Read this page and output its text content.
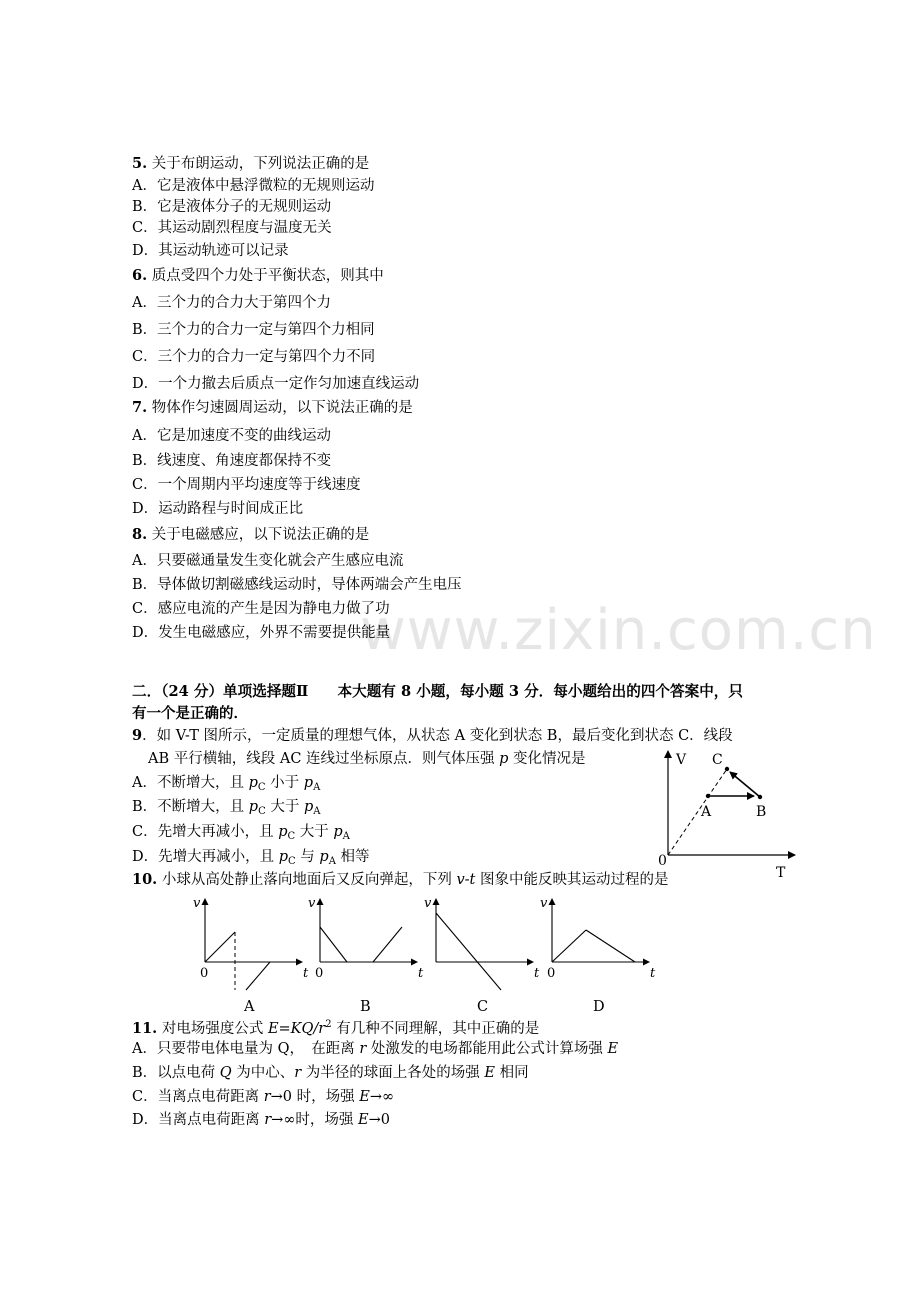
www.zixin.com.cn
5. 关于布朗运动，下列说法正确的是
A．它是液体中悬浮微粒的无规则运动
B．它是液体分子的无规则运动
C．其运动剧烈程度与温度无关
D．其运动轨迹可以记录
6. 质点受四个力处于平衡状态，则其中
A．三个力的合力大于第四个力
B．三个力的合力一定与第四个力相同
C．三个力的合力一定与第四个力不同
D．一个力撤去后质点一定作匀加速直线运动
7. 物体作匀速圆周运动，以下说法正确的是
A．它是加速度不变的曲线运动
B．线速度、角速度都保持不变
C．一个周期内平均速度等于线速度
D．运动路程与时间成正比
8. 关于电磁感应，以下说法正确的是
A．只要磁通量发生变化就会产生感应电流
B．导体做切割磁感线运动时，导体两端会产生电压
C．感应电流的产生是因为静电力做了功
D．发生电磁感应，外界不需要提供能量
二．（24 分）单项选择题Ⅱ　　本大题有 8 小题，每小题 3 分．每小题给出的四个答案中，只
有一个是正确的．
9．如 V-T 图所示，一定质量的理想气体，从状态 A 变化到状态 B，最后变化到状态 C．线段
AB 平行横轴，线段 AC 连线过坐标原点．则气体压强 p 变化情况是
A．不断增大，且 $p_C$ 小于 $p_A$
B．不断增大，且 $p_C$ 大于 $p_A$
C．先增大再减小，且 $p_C$ 大于 $p_A$
D．先增大再减小，且 $p_C$ 与 $p_A$ 相等
V C
A	B
0
T
10. 小球从高处静止落向地面后又反向弹起，下列 v-t 图象中能反映其运动过程的是
v
0	t
v
0	t
v
t
v
0	t
A	B	C	D
11. 对电场强度公式 $E=KQ/r^2$ 有几种不同理解，其中正确的是
A．只要带电体电量为 Q，　在距离 r 处激发的电场都能用此公式计算场强 E
B．以点电荷 Q 为中心、r 为半径的球面上各处的场强 E 相同
C．当离点电荷距离 r→0 时，场强 E→∞
D．当离点电荷距离 r→∞时，场强 E→0
